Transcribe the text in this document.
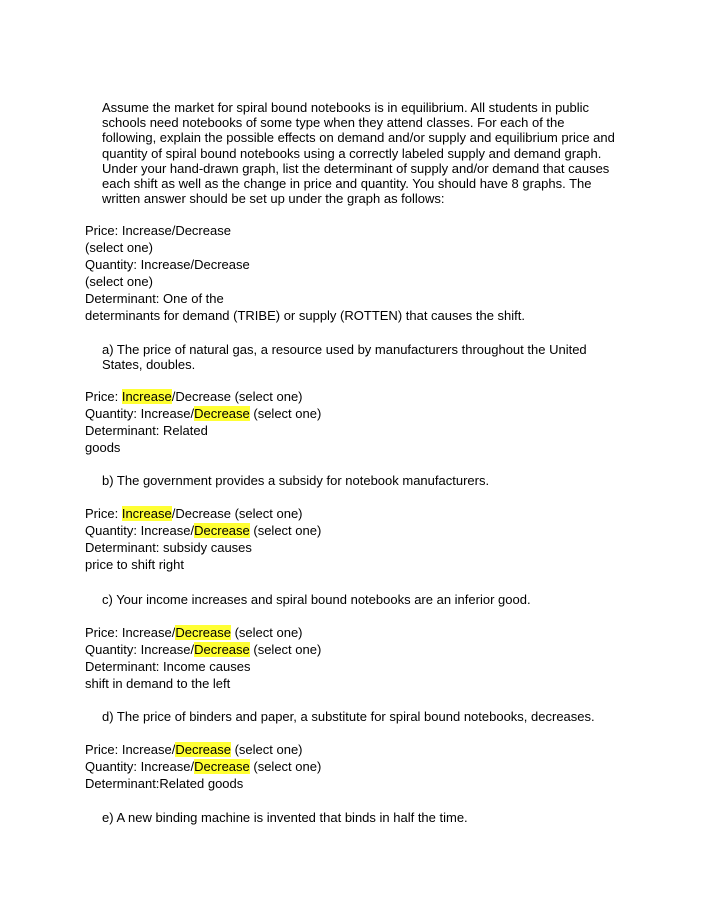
Assume the market for spiral bound notebooks is in equilibrium. All students in public schools need notebooks of some type when they attend classes. For each of the following, explain the possible effects on demand and/or supply and equilibrium price and quantity of spiral bound notebooks using a correctly labeled supply and demand graph. Under your hand-drawn graph, list the determinant of supply and/or demand that causes each shift as well as the change in price and quantity. You should have 8 graphs. The written answer should be set up under the graph as follows:
Price: Increase/Decrease
(select one)
Quantity: Increase/Decrease
(select one)
Determinant: One of the
determinants for demand (TRIBE) or supply (ROTTEN) that causes the shift.
a) The price of natural gas, a resource used by manufacturers throughout the United States, doubles.
Price: Increase/Decrease (select one)
Quantity: Increase/Decrease (select one)
Determinant: Related
goods
b) The government provides a subsidy for notebook manufacturers.
Price: Increase/Decrease (select one)
Quantity: Increase/Decrease (select one)
Determinant: subsidy causes
price to shift right
c) Your income increases and spiral bound notebooks are an inferior good.
Price: Increase/Decrease (select one)
Quantity: Increase/Decrease (select one)
Determinant: Income causes
shift in demand to the left
d) The price of binders and paper, a substitute for spiral bound notebooks, decreases.
Price: Increase/Decrease (select one)
Quantity: Increase/Decrease (select one)
Determinant:Related goods
e) A new binding machine is invented that binds in half the time.
